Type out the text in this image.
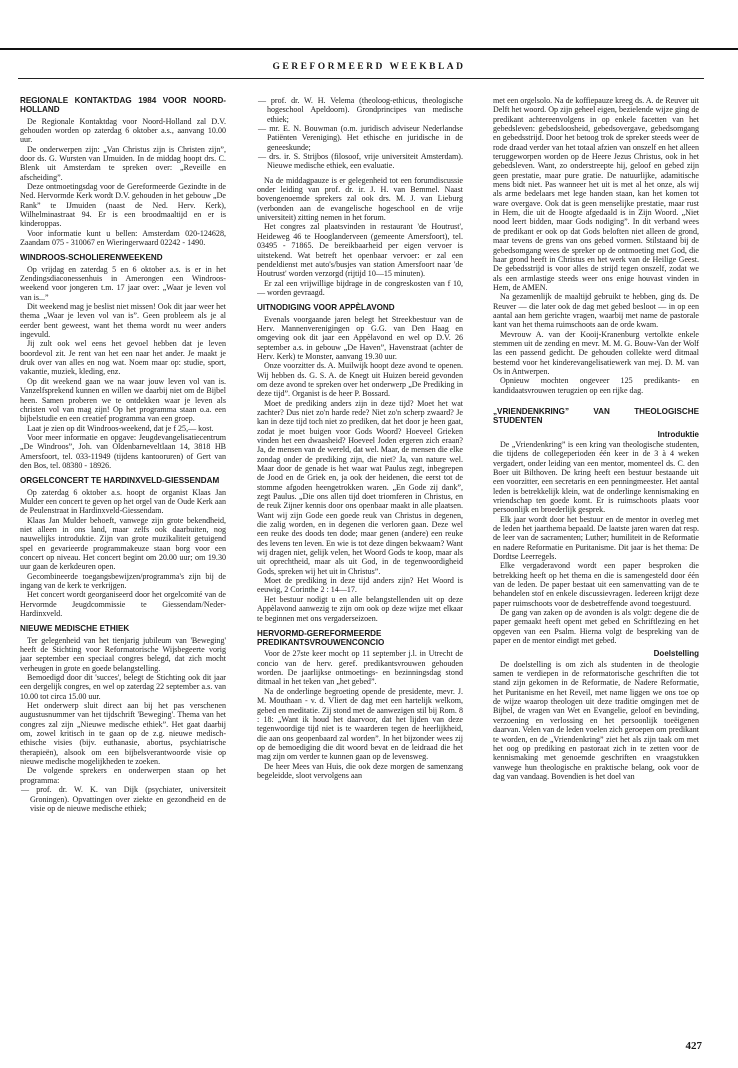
GEREFORMEERD WEEKBLAD
REGIONALE KONTAKTDAG 1984 VOOR NOORD-HOLLAND

De Regionale Kontaktdag voor Noord-Holland zal D.V. gehouden worden op zaterdag 6 oktober a.s., aanvang 10.00 uur.

De onderwerpen zijn: „Van Christus zijn is Christen zijn”, door ds. G. Wursten van IJmuiden. In de middag hoopt drs. C. Blenk uit Amsterdam te spreken over: „Reveille en afscheiding”.

Deze ontmoetingsdag voor de Gereformeerde Gezindte in de Ned. Hervormde Kerk wordt D.V. gehouden in het gebouw „De Rank” te IJmuiden (naast de Ned. Herv. Kerk), Wilhelminastraat 94. Er is een broodmaaltijd en er is kinderoppas.

Voor informatie kunt u bellen: Amsterdam 020-124628, Zaandam 075 - 310067 en Wieringerwaard 02242 - 1490.

WINDROOS-SCHOLIERENWEEKEND

Op vrijdag en zaterdag 5 en 6 oktober a.s. is er in het Zendingsdiaconessenhuis in Amerongen een Windroos-weekend voor jongeren t.m. 17 jaar over: „Waar je leven vol van is...”

Dit weekend mag je beslist niet missen! Ook dit jaar weer het thema „Waar je leven vol van is”. Geen probleem als je al eerder bent geweest, want het thema wordt nu weer anders ingevuld.

Jij zult ook wel eens het gevoel hebben dat je leven boordevol zit. Je rent van het een naar het ander. Je maakt je druk over van alles en nog wat. Noem maar op: studie, sport, vakantie, muziek, kleding, enz.

Op dit weekend gaan we na waar jouw leven vol van is. Vanzelfsprekend kunnen en willen we daarbij niet om de Bijbel heen. Samen proberen we te ontdekken waar je leven als christen vol van mag zijn! Op het programma staan o.a. een bijbelstudie en een creatief programma van een groep.

Laat je zien op dit Windroos-weekend, dat je f 25,— kost.

Voor meer informatie en opgave: Jeugdevangelisatiecentrum „De Windroos”, Joh. van Oldenbarneveltlaan 14, 3818 HB Amersfoort, tel. 033-11949 (tijdens kantooruren) of Gert van den Bos, tel. 08380 - 18926.

ORGELCONCERT TE HARDINXVELD-GIESSENDAM

Op zaterdag 6 oktober a.s. hoopt de organist Klaas Jan Mulder een concert te geven op het orgel van de Oude Kerk aan de Peulenstraat in Hardinxveld-Giessendam.

Klaas Jan Mulder behoeft, vanwege zijn grote bekendheid, niet alleen in ons land, maar zelfs ook daarbuiten, nog nauwelijks introduktie. Zijn van grote muzikaliteit getuigend spel en gevarieerde programmakeuze staan borg voor een concert op niveau. Het concert begint om 20.00 uur; om 19.30 uur gaan de kerkdeuren open.

Gecombineerde toegangsbewijzen/programma's zijn bij de ingang van de kerk te verkrijgen.

Het concert wordt georganiseerd door het orgelcomité van de Hervormde Jeugdcommissie te Giessendam/Neder-Hardinxveld.

NIEUWE MEDISCHE ETHIEK

Ter gelegenheid van het tienjarig jubileum van 'Beweging' heeft de Stichting voor Reformatorische Wijsbegeerte vorig jaar september een speciaal congres belegd, dat zich mocht verheugen in grote en goede belangstelling.

Bemoedigd door dit 'succes', belegt de Stichting ook dit jaar een dergelijk congres, en wel op zaterdag 22 september a.s. van 10.00 tot circa 15.00 uur.

Het onderwerp sluit direct aan bij het pas verschenen augustusnummer van het tijdschrift 'Beweging'. Thema van het congres zal zijn „Nieuwe medische ethiek”. Het gaat daarbij om, zowel kritisch in te gaan op de z.g. nieuwe medisch-ethische visies (bijv. euthanasie, abortus, psychiatrische therapieën), alsook om een bijbelsverantwoorde visie op nieuwe medische mogelijkheden te zoeken.

De volgende sprekers en onderwerpen staan op het programma:

— prof. dr. W. K. van Dijk (psychiater, universiteit Groningen). Opvattingen over ziekte en gezondheid en de visie op de nieuwe medische ethiek;
— prof. dr. W. H. Velema (theoloog-ethicus, theologische hogeschool Apeldoorn). Grondprincipes van medische ethiek;
— mr. E. N. Bouwman (o.m. juridisch adviseur Nederlandse Patiënten Vereniging). Het ethische en juridische in de geneeskunde;
— drs. ir. S. Strijbos (filosoof, vrije universiteit Amsterdam). Nieuwe medische ethiek, een evaluatie.

Na de middagpauze is er gelegenheid tot een forumdiscussie onder leiding van prof. dr. ir. J. H. van Bemmel. Naast bovengenoemde sprekers zal ook drs. M. J. van Lieburg (verbonden aan de evangelische hogeschool en de vrije universiteit) zitting nemen in het forum.

Het congres zal plaatsvinden in restaurant 'de Houtrust', Heideweg 46 te Hooglanderveen (gemeente Amersfoort), tel. 03495 - 71865. De bereikbaarheid per eigen vervoer is uitstekend. Wat betreft het openbaar vervoer: er zal een pendeldienst met auto's/busjes van station Amersfoort naar 'de Houtrust' worden verzorgd (rijtijd 10—15 minuten).

Er zal een vrijwillige bijdrage in de congreskosten van f 10,— worden gevraagd.

UITNODIGING VOOR APPÈLAVOND

Evenals voorgaande jaren belegt het Streekbestuur van de Herv. Mannenverenigingen op G.G. van Den Haag en omgeving ook dit jaar een Appèlavond en wel op D.V. 26 september a.s. in gebouw „De Haven”, Havenstraat (achter de Herv. Kerk) te Monster, aanvang 19.30 uur.

Onze voorzitter ds. A. Muilwijk hoopt deze avond te openen. Wij hebben ds. G. S. A. de Knegt uit Huizen bereid gevonden om deze avond te spreken over het onderwerp „De Prediking in deze tijd”. Organist is de heer P. Bossard.

Moet de prediking anders zijn in deze tijd? Moet het wat zachter? Dus niet zo'n harde rede? Niet zo'n scherp zwaard? Je kan in deze tijd toch niet zo prediken, dat het door je heen gaat, zodat je moet buigen voor Gods Woord? Hoeveel Grieken vinden het een dwaasheid? Hoeveel Joden ergeren zich eraan? Ja, de mensen van de wereld, dat wel. Maar, de mensen die elke zondag onder de prediking zijn, die niet? Ja, van nature wel. Maar door de genade is het waar wat Paulus zegt, inbegrepen de Jood en de Griek en, ja ook der heidenen, die eerst tot de stomme afgoden heengetrokken waren. „En Gode zij dank”, zegt Paulus. „Die ons allen tijd doet triomferen in Christus, en de reuk Zijner kennis door ons openbaar maakt in alle plaatsen. Want wij zijn Gode een goede reuk van Christus in degenen, die zalig worden, en in degenen die verloren gaan. Deze wel een reuke des doods ten dode; maar genen (andere) een reuke des levens ten leven. En wie is tot deze dingen bekwaam? Want wij dragen niet, gelijk velen, het Woord Gods te koop, maar als uit oprechtheid, maar als uit God, in de tegenwoordigheid Gods, spreken wij het uit in Christus”.

Moet de prediking in deze tijd anders zijn? Het Woord is eeuwig, 2 Corinthe 2 : 14—17.

Het bestuur nodigt u en alle belangstellenden uit op deze Appèlavond aanwezig te zijn om ook op deze wijze met elkaar te beginnen met ons vergaderseizoen.

HERVORMD-GEREFORMEERDE PREDIKANTSVROUWENCONCIO

Voor de 27ste keer mocht op 11 september j.l. in Utrecht de concio van de herv. geref. predikantsvrouwen gehouden worden. De jaarlijkse ontmoetings- en bezinningsdag stond ditmaal in het teken van „het gebed”.

Na de onderlinge begroeting opende de presidente, mevr. J. M. Mouthaan - v. d. Vliert de dag met een hartelijk welkom, gebed en meditatie. Zij stond met de aanwezigen stil bij Rom. 8 : 18: „Want ik houd het daarvoor, dat het lijden van deze tegenwoordige tijd niet is te waarderen tegen de heerlijkheid, die aan ons geopenbaard zal worden”. In het bijzonder wees zij op de bemoediging die dit woord bevat en de leidraad die het mag zijn om verder te kunnen gaan op de levensweg.

De heer Mees van Huis, die ook deze morgen de samenzang begeleidde, sloot vervolgens aan

met een orgelsolo. Na de koffiepauze kreeg ds. A. de Reuver uit Delft het woord. Op zijn geheel eigen, bezielende wijze ging de predikant achtereenvolgens in op enkele facetten van het gebedsleven: gebedsloosheid, gebedsovergave, gebedsomgang en gebedsstrijd. Door het betoog trok de spreker steeds weer de rode draad verder van het totaal afzien van onszelf en het alleen teruggeworpen worden op de Heere Jezus Christus, ook in het gebedsleven. Want, zo onderstreepte hij, geloof en gebed zijn geen prestatie, maar pure gratie. De natuurlijke, adamitische mens bidt niet. Pas wanneer het uit is met al het onze, als wij als arme bedelaars met lege handen staan, kan het komen tot ware overgave. Ook dat is geen menselijke prestatie, maar rust in Hem, die uit de Hoogte afgedaald is in Zijn Woord. „Niet nood leert bidden, maar Gods nodiging”. In dit verband wees de predikant er ook op dat Gods beloften niet alleen de grond, maar tevens de grens van ons gebed vormen. Stilstaand bij de gebedsomgang wees de spreker op de ontmoeting met God, die haar grond heeft in Christus en het werk van de Heilige Geest. De gebedsstrijd is voor alles de strijd tegen onszelf, zodat we als een armlastige steeds weer ons enige houvast vinden in Hem, de AMEN.

Na gezamenlijk de maaltijd gebruikt te hebben, ging ds. De Reuver — die later ook de dag met gebed besloot — in op een aantal aan hem gerichte vragen, waarbij met name de pastorale kant van het thema ruimschoots aan de orde kwam.

Mevrouw A. van der Kooij-Kranenburg vertolkte enkele stemmen uit de zending en mevr. M. M. G. Bouw-Van der Wolf las een passend gedicht. De gehouden collekte werd ditmaal bestemd voor het kinderevangelisatiewerk van mej. D. M. van Os in Antwerpen.

Opnieuw mochten ongeveer 125 predikants- en kandidaatsvrouwen terugzien op een rijke dag.

„VRIENDENKRING” VAN THEOLOGISCHE STUDENTEN
Introduktie

De „Vriendenkring” is een kring van theologische studenten, die tijdens de collegeperioden één keer in de 3 à 4 weken vergadert, onder leiding van een mentor, momenteel ds. C. den Boer uit Bilthoven. De kring heeft een bestuur bestaande uit een voorzitter, een secretaris en een penningmeester. Het aantal leden is betrekkelijk klein, wat de onderlinge kennismaking en vriendschap ten goede komt. Er is ruimschoots plaats voor persoonlijk en broederlijk gesprek.

Elk jaar wordt door het bestuur en de mentor in overleg met de leden het jaarthema bepaald. De laatste jaren waren dat resp. de leer van de sacramenten; Luther; humiliteit in de Reformatie en nadere Reformatie en Puritanisme. Dit jaar is het thema: De Dordtse Leerregels.

Elke vergaderavond wordt een paper besproken die betrekking heeft op het thema en die is samengesteld door één van de leden. De paper bestaat uit een samenvatting van de te behandelen stof en enkele discussievragen. Iedereen krijgt deze paper ruimschoots voor de desbetreffende avond toegestuurd.

De gang van zaken op de avonden is als volgt: degene die de paper gemaakt heeft opent met gebed en Schriftlezing en het opgeven van een Psalm. Hierna volgt de bespreking van de paper en de mentor eindigt met gebed.

Doelstelling

De doelstelling is om zich als studenten in de theologie samen te verdiepen in de reformatorische geschriften die tot stand zijn gekomen in de Reformatie, de Nadere Reformatie, het Puritanisme en het Reveil, met name liggen we ons toe op de wijze waarop theologen uit deze traditie omgingen met de Bijbel, de vragen van Wet en Evangelie, geloof en bevinding, verzoening en verlossing en het persoonlijk toeëigenen daarvan. Velen van de leden voelen zich geroepen om predikant te worden, en de „Vriendenkring” ziet het als zijn taak om met het oog op prediking en pastoraat zich in te zetten voor de kennismaking met genoemde geschriften en vraagstukken vanwege hun theologische en praktische belang, ook voor de dag van vandaag. Bovendien is het doel van

427
